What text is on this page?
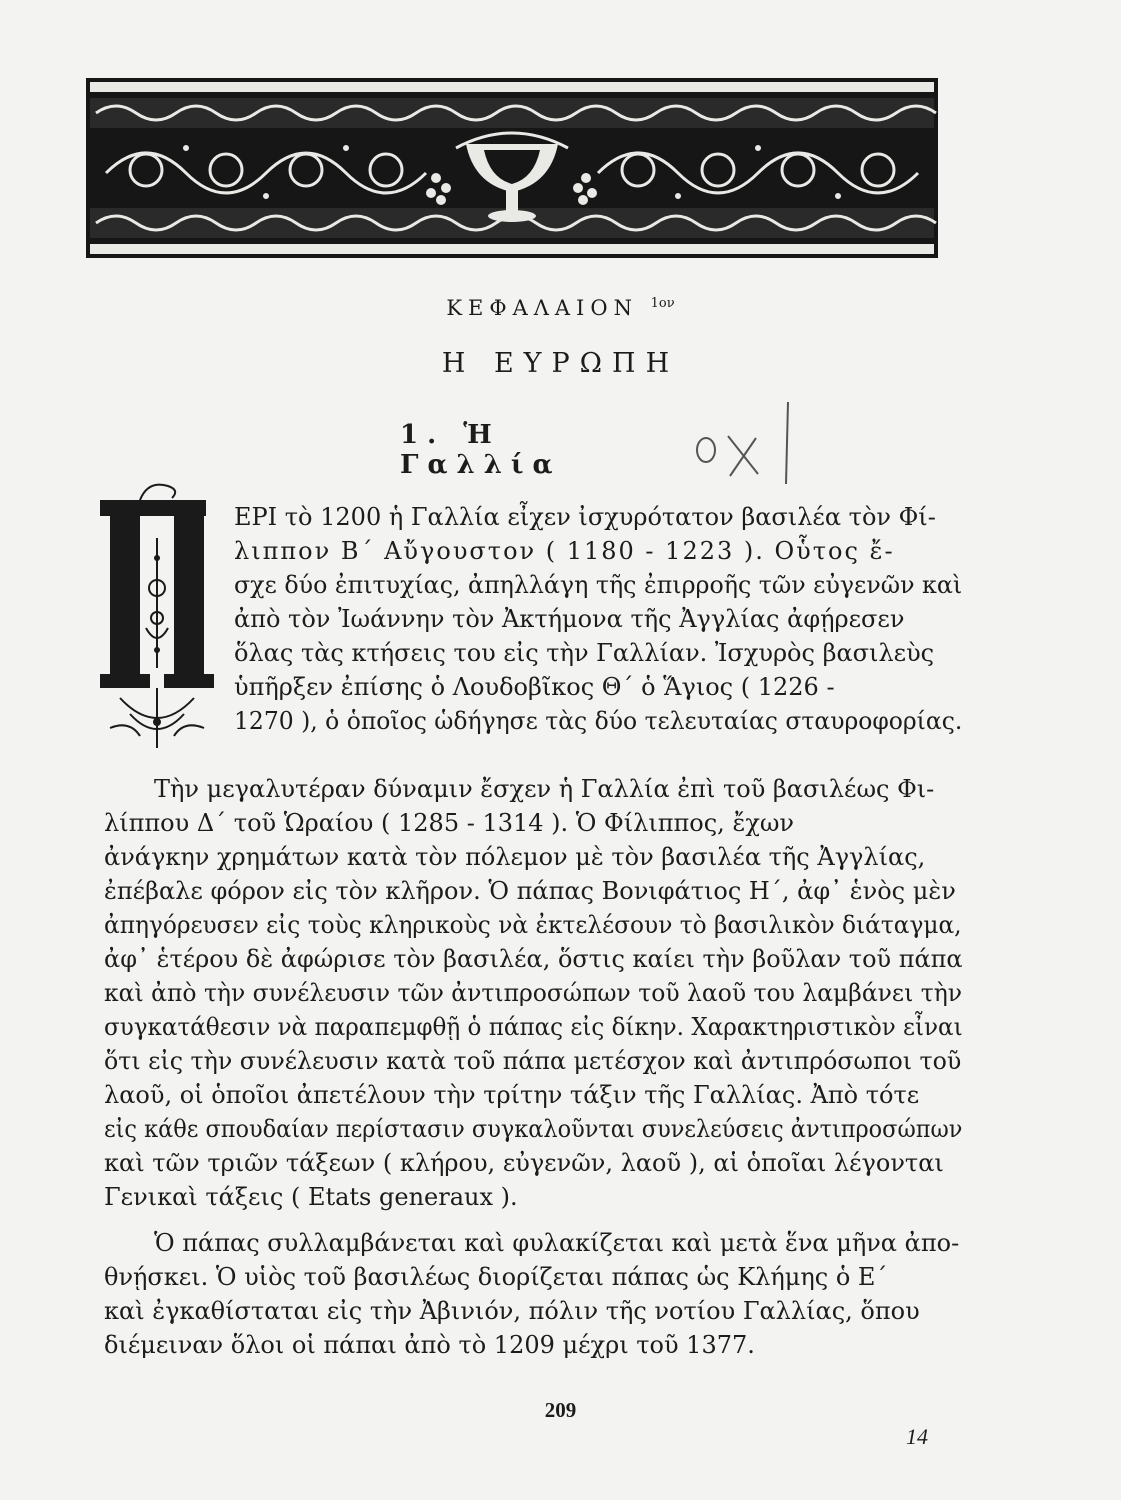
ΚΕΦΑΛΑΙΟΝ $^{1o\nu}$
Η ΕΥΡΩΠΗ
1. Ἡ Γαλλία
ΕΡΙ τὸ 1200 ἡ Γαλλία εἶχεν ἰσχυρότατον βασιλέα τὸν Φί-
λιππον Β΄ Αὔγουστον ( 1180 - 1223 ). Οὗτος ἔ-
σχε δύο ἐπιτυχίας, ἀπηλλάγη τῆς ἐπιρροῆς τῶν εὐγενῶν καὶ
ἀπὸ τὸν Ἰωάννην τὸν Ἀκτήμονα τῆς Ἀγγλίας ἀφῄρεσεν
ὅλας τὰς κτήσεις του εἰς τὴν Γαλλίαν. Ἰσχυρὸς βασιλεὺς
ὑπῆρξεν ἐπίσης ὁ Λουδοβῖκος Θ΄ ὁ Ἅγιος ( 1226 -
1270 ), ὁ ὁποῖος ὡδήγησε τὰς δύο τελευταίας σταυροφορίας.
Τὴν μεγαλυτέραν δύναμιν ἔσχεν ἡ Γαλλία ἐπὶ τοῦ βασιλέως Φι-
λίππου Δ΄ τοῦ Ὡραίου ( 1285 - 1314 ). Ὁ Φίλιππος, ἔχων
ἀνάγκην χρημάτων κατὰ τὸν πόλεμον μὲ τὸν βασιλέα τῆς Ἀγγλίας,
ἐπέβαλε φόρον εἰς τὸν κλῆρον. Ὁ πάπας Βονιφάτιος Η΄, ἀφ᾿ ἑνὸς μὲν
ἀπηγόρευσεν εἰς τοὺς κληρικοὺς νὰ ἐκτελέσουν τὸ βασιλικὸν διάταγμα,
ἀφ᾿ ἑτέρου δὲ ἀφώρισε τὸν βασιλέα, ὅστις καίει τὴν βοῦλαν τοῦ πάπα
καὶ ἀπὸ τὴν συνέλευσιν τῶν ἀντιπροσώπων τοῦ λαοῦ του λαμβάνει τὴν
συγκατάθεσιν νὰ παραπεμφθῇ ὁ πάπας εἰς δίκην. Χαρακτηριστικὸν εἶναι
ὅτι εἰς τὴν συνέλευσιν κατὰ τοῦ πάπα μετέσχον καὶ ἀντιπρόσωποι τοῦ
λαοῦ, οἱ ὁποῖοι ἀπετέλουν τὴν τρίτην τάξιν τῆς Γαλλίας. Ἀπὸ τότε
εἰς κάθε σπουδαίαν περίστασιν συγκαλοῦνται συνελεύσεις ἀντιπροσώπων
καὶ τῶν τριῶν τάξεων ( κλήρου, εὐγενῶν, λαοῦ ), αἱ ὁποῖαι λέγονται
Γενικαὶ τάξεις ( Etats generaux ).
Ὁ πάπας συλλαμβάνεται καὶ φυλακίζεται καὶ μετὰ ἕνα μῆνα ἀπο-
θνῄσκει. Ὁ υἱὸς τοῦ βασιλέως διορίζεται πάπας ὡς Κλήμης ὁ Ε΄
καὶ ἐγκαθίσταται εἰς τὴν Ἀβινιόν, πόλιν τῆς νοτίου Γαλλίας, ὅπου
διέμειναν ὅλοι οἱ πάπαι ἀπὸ τὸ 1209 μέχρι τοῦ 1377.
209
14
